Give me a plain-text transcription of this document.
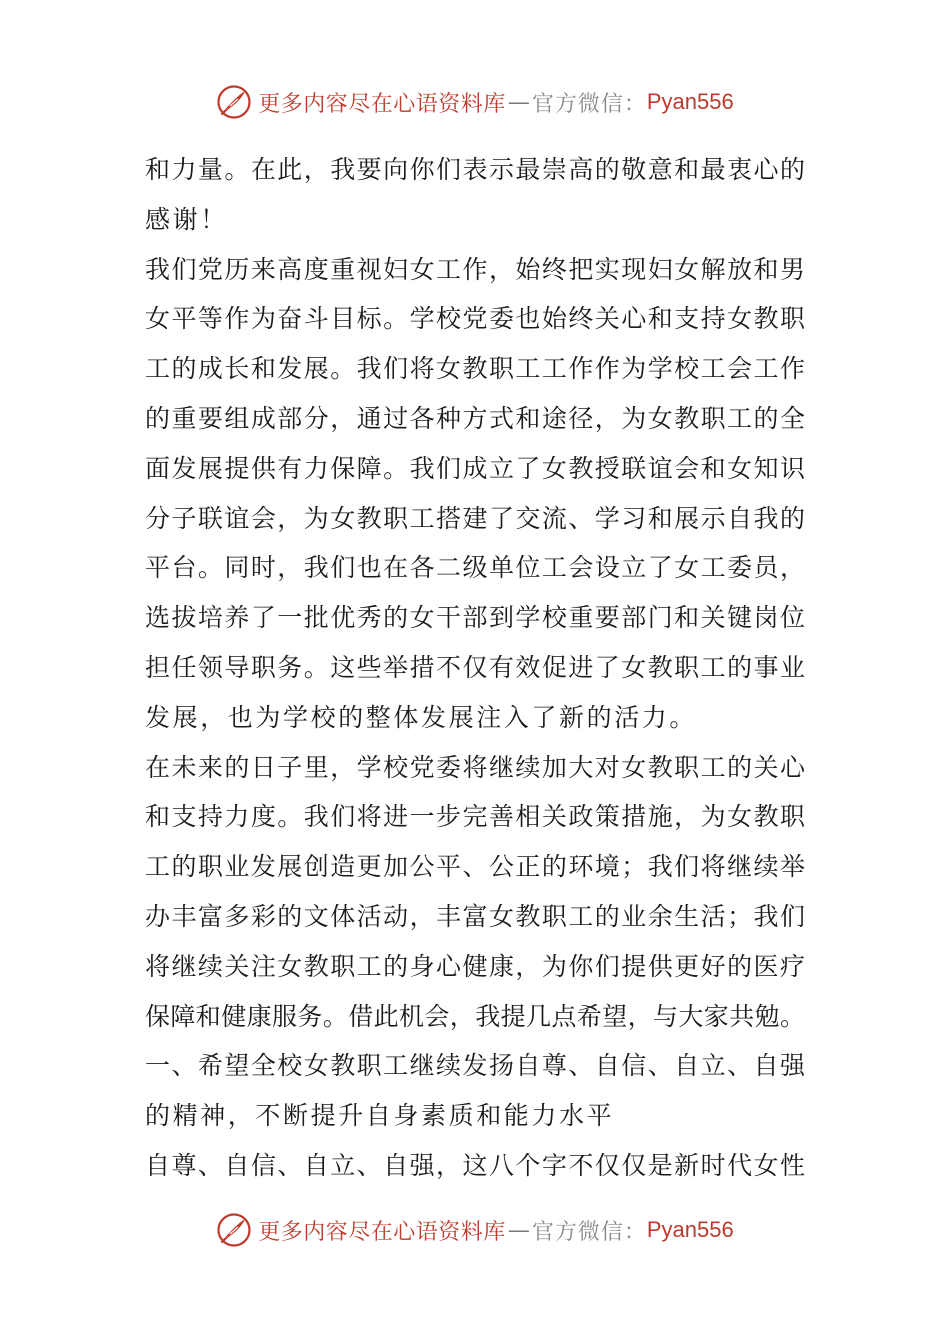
更多内容尽在心语资料库 — 官方微信： Pyan556
和力量。在此，我要向你们表示最崇高的敬意和最衷心的
感谢！
我们党历来高度重视妇女工作，始终把实现妇女解放和男
女平等作为奋斗目标。学校党委也始终关心和支持女教职
工的成长和发展。我们将女教职工工作作为学校工会工作
的重要组成部分，通过各种方式和途径，为女教职工的全
面发展提供有力保障。我们成立了女教授联谊会和女知识
分子联谊会，为女教职工搭建了交流、学习和展示自我的
平台。同时，我们也在各二级单位工会设立了女工委员，
选拔培养了一批优秀的女干部到学校重要部门和关键岗位
担任领导职务。这些举措不仅有效促进了女教职工的事业
发展，也为学校的整体发展注入了新的活力。
在未来的日子里，学校党委将继续加大对女教职工的关心
和支持力度。我们将进一步完善相关政策措施，为女教职
工的职业发展创造更加公平、公正的环境；我们将继续举
办丰富多彩的文体活动，丰富女教职工的业余生活；我们
将继续关注女教职工的身心健康，为你们提供更好的医疗
保障和健康服务。借此机会，我提几点希望，与大家共勉。
一、希望全校女教职工继续发扬自尊、自信、自立、自强
的精神，不断提升自身素质和能力水平
自尊、自信、自立、自强，这八个字不仅仅是新时代女性
更多内容尽在心语资料库 — 官方微信： Pyan556
